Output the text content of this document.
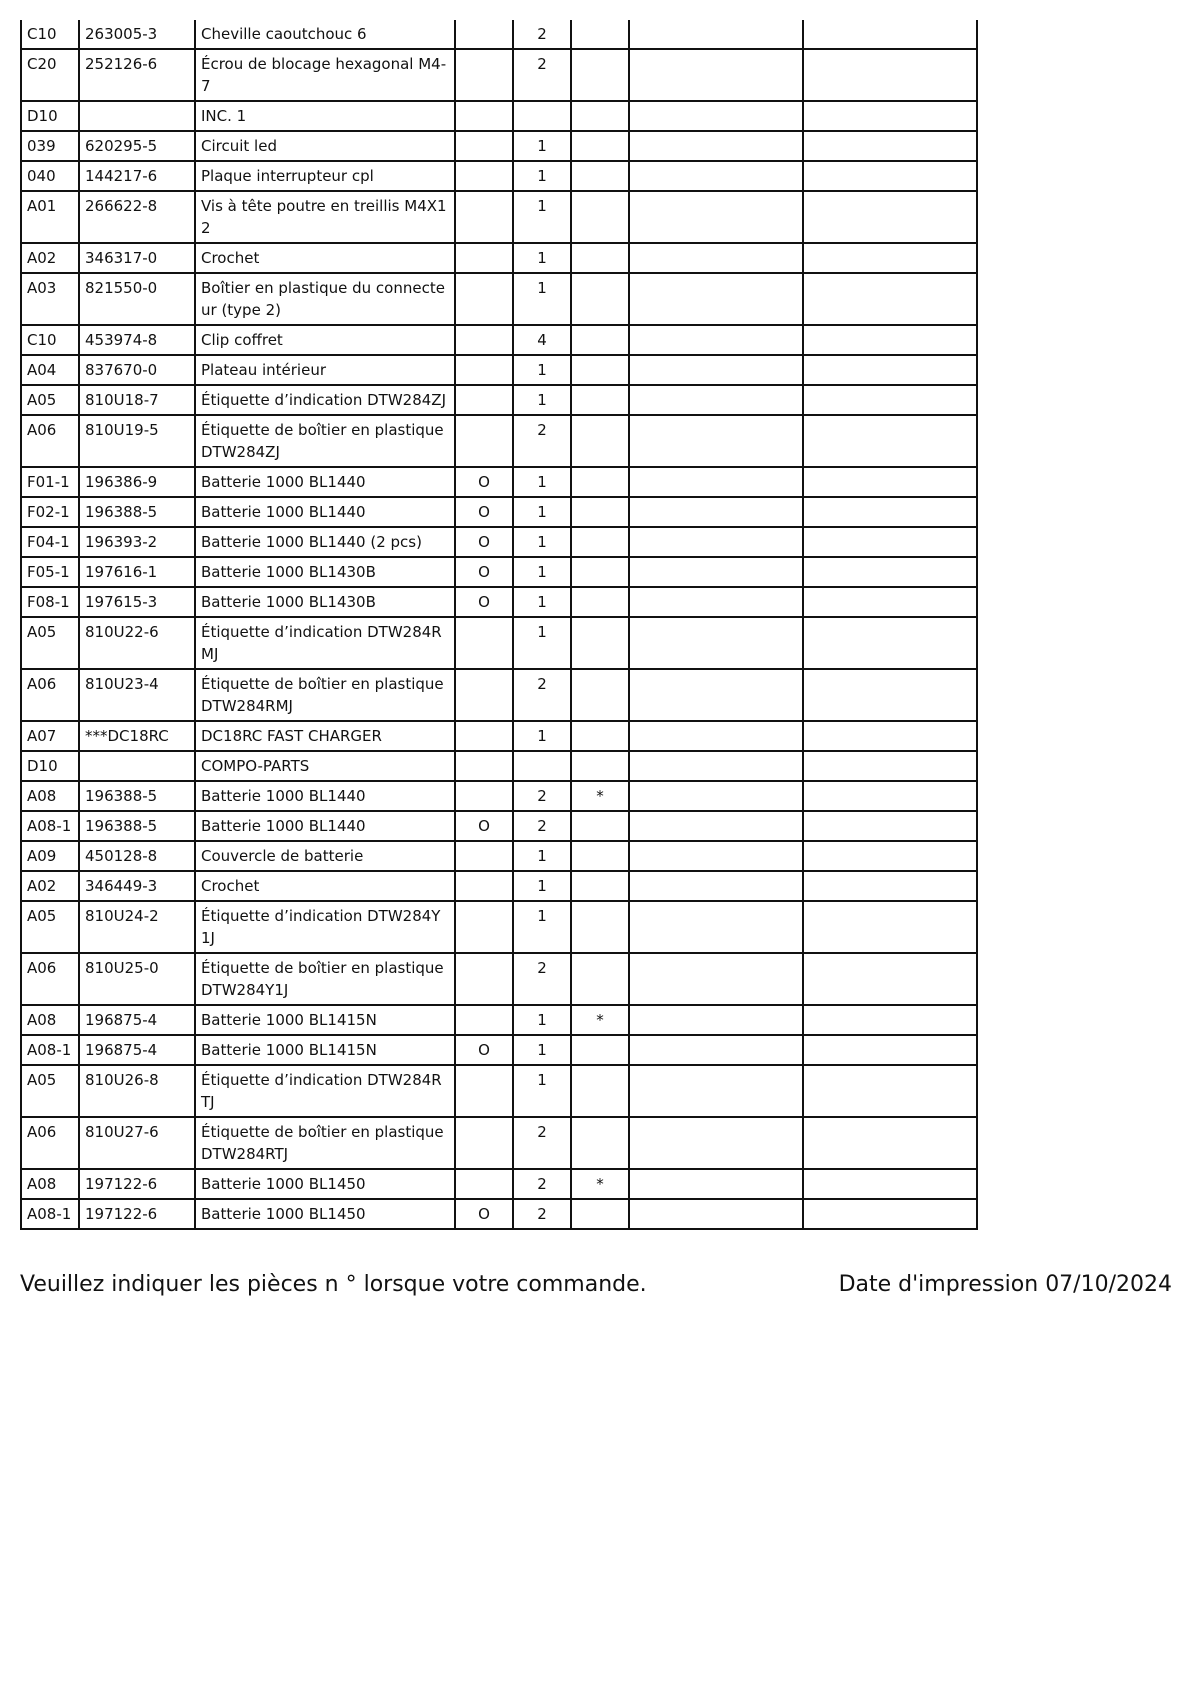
C10	263005-3	Cheville caoutchouc 6		2			
C20	252126-6	Écrou de blocage hexagonal M4-7		2			
D10		INC. 1					
039	620295-5	Circuit led		1			
040	144217-6	Plaque interrupteur cpl		1			
A01	266622-8	Vis à tête poutre en treillis M4X12		1			
A02	346317-0	Crochet		1			
A03	821550-0	Boîtier en plastique du connecteur (type 2)		1			
C10	453974-8	Clip coffret		4			
A04	837670-0	Plateau intérieur		1			
A05	810U18-7	Étiquette d’indication DTW284ZJ		1			
A06	810U19-5	Étiquette de boîtier en plastique DTW284ZJ		2			
F01-1	196386-9	Batterie 1000 BL1440	O	1			
F02-1	196388-5	Batterie 1000 BL1440	O	1			
F04-1	196393-2	Batterie 1000 BL1440 (2 pcs)	O	1			
F05-1	197616-1	Batterie 1000 BL1430B	O	1			
F08-1	197615-3	Batterie 1000 BL1430B	O	1			
A05	810U22-6	Étiquette d’indication DTW284RMJ		1			
A06	810U23-4	Étiquette de boîtier en plastique DTW284RMJ		2			
A07	***DC18RC	DC18RC FAST CHARGER		1			
D10		COMPO-PARTS					
A08	196388-5	Batterie 1000 BL1440		2	*		
A08-1	196388-5	Batterie 1000 BL1440	O	2			
A09	450128-8	Couvercle de batterie		1			
A02	346449-3	Crochet		1			
A05	810U24-2	Étiquette d’indication DTW284Y1J		1			
A06	810U25-0	Étiquette de boîtier en plastique DTW284Y1J		2			
A08	196875-4	Batterie 1000 BL1415N		1	*		
A08-1	196875-4	Batterie 1000 BL1415N	O	1			
A05	810U26-8	Étiquette d’indication DTW284RTJ		1			
A06	810U27-6	Étiquette de boîtier en plastique DTW284RTJ		2			
A08	197122-6	Batterie 1000 BL1450		2	*		
A08-1	197122-6	Batterie 1000 BL1450	O	2			
Veuillez indiquer les pièces n ° lorsque votre commande.	Date d'impression 07/10/2024
